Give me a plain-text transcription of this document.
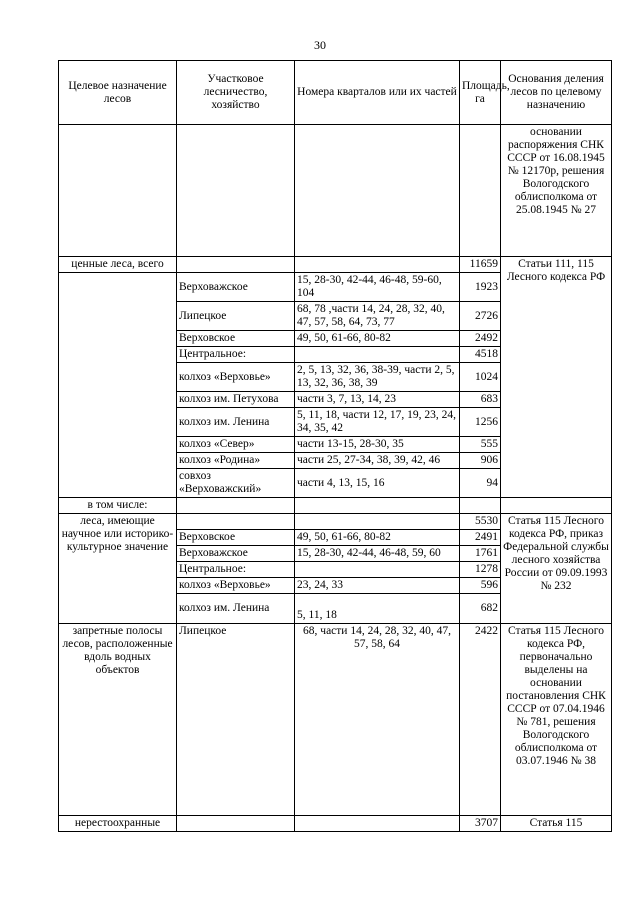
30
Целевое назначение лесов	Участковое лесничество, хозяйство	Номера кварталов или их частей	Площадь, га	Основания деления лесов по целевому назначению
				основании распоряжения СНК СССР от 16.08.1945 № 12170р, решения Вологодского облисполкома от 25.08.1945 № 27
ценные леса, всего			11659	Статьи 111, 115 Лесного кодекса РФ
	Верховажское	15, 28-30, 42-44, 46-48, 59-60, 104	1923	
	Липецкое	68, 78 ,части 14, 24, 28, 32, 40, 47, 57, 58, 64, 73, 77	2726	
	Верховское	49, 50, 61-66, 80-82	2492	
	Центральное:		4518	
	колхоз «Верховье»	2, 5, 13, 32, 36, 38-39, части 2, 5, 13, 32, 36, 38, 39	1024	
	колхоз им. Петухова	части 3, 7, 13, 14, 23	683	
	колхоз им. Ленина	5, 11, 18, части 12, 17, 19, 23, 24, 34, 35, 42	1256	
	колхоз «Север»	части 13-15, 28-30, 35	555	
	колхоз «Родина»	части 25, 27-34, 38, 39, 42, 46	906	
	совхоз «Верховажский»	части 4, 13, 15, 16	94	
в том числе:				
леса, имеющие научное или историко-культурное значение			5530	Статья 115 Лесного кодекса РФ, приказ Федеральной службы лесного хозяйства России от 09.09.1993 № 232
	Верховское	49, 50, 61-66, 80-82	2491	
	Верховажское	15, 28-30, 42-44, 46-48, 59, 60	1761	
	Центральное:		1278	
	колхоз «Верховье»	23, 24, 33	596	
	колхоз им. Ленина	5, 11, 18	682	
запретные полосы лесов, расположенные вдоль водных объектов	Липецкое	68, части 14, 24, 28, 32, 40, 47, 57, 58, 64	2422	Статья 115 Лесного кодекса РФ, первоначально выделены на основании постановления СНК СССР от 07.04.1946 № 781, решения Вологодского облисполкома от 03.07.1946 № 38
нерестоохранные			3707	Статья 115
